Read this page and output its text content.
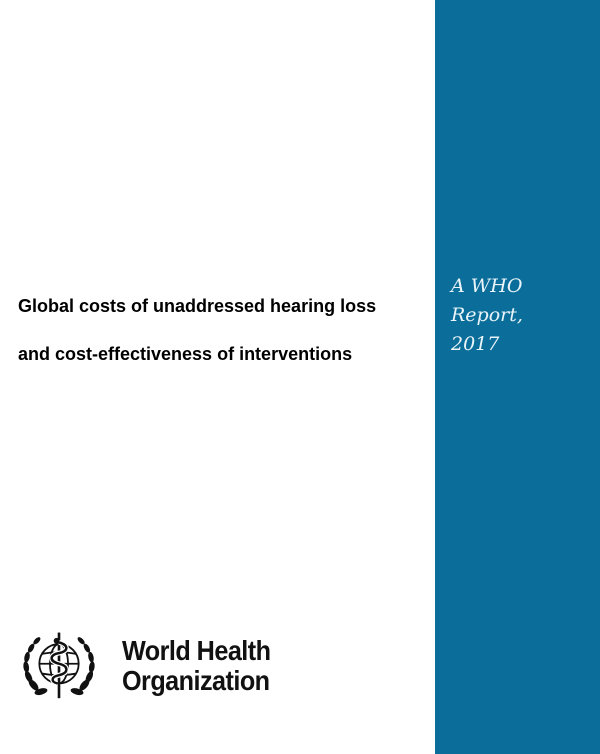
A WHO
Report,
2017
Global costs of unaddressed hearing loss
and cost-effectiveness of interventions
World Health
Organization
